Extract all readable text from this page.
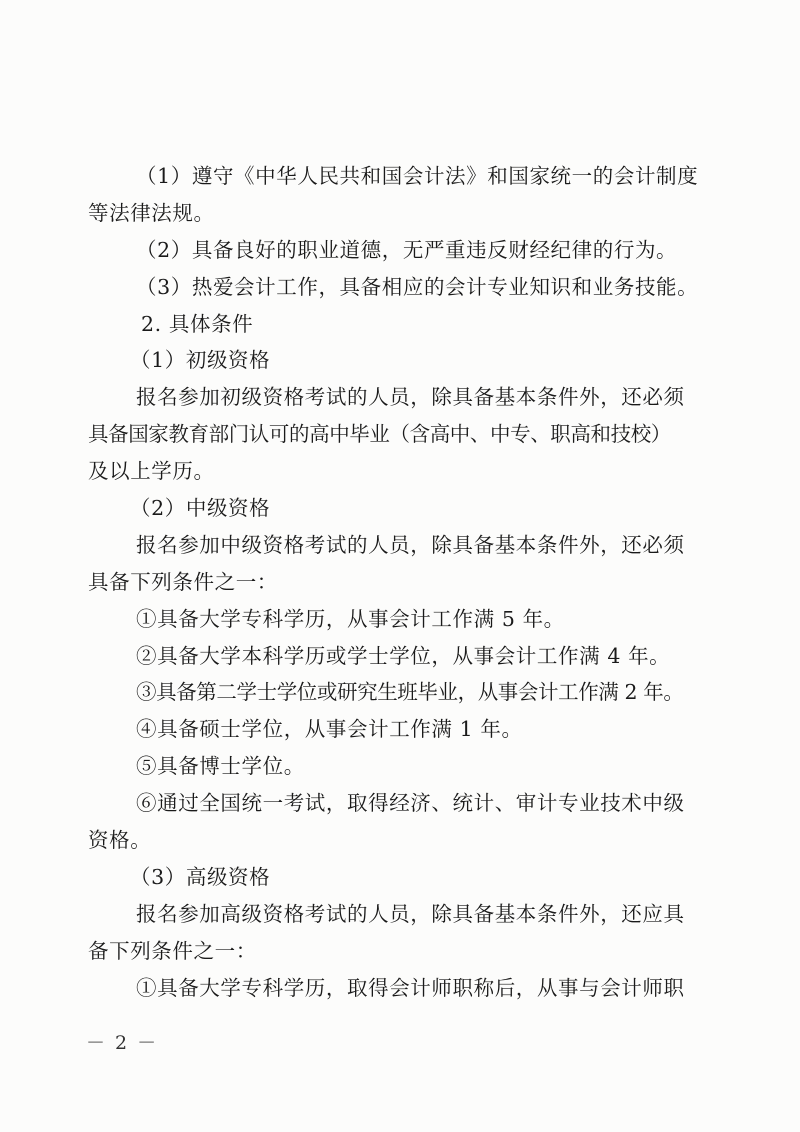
（1）遵守《中华人民共和国会计法》和国家统一的会计制度
等法律法规。
（2）具备良好的职业道德，无严重违反财经纪律的行为。
（3）热爱会计工作，具备相应的会计专业知识和业务技能。
2. 具体条件
（1）初级资格
报名参加初级资格考试的人员，除具备基本条件外，还必须
具备国家教育部门认可的高中毕业（含高中、中专、职高和技校）
及以上学历。
（2）中级资格
报名参加中级资格考试的人员，除具备基本条件外，还必须
具备下列条件之一：
①具备大学专科学历，从事会计工作满 5 年。
②具备大学本科学历或学士学位，从事会计工作满 4 年。
③具备第二学士学位或研究生班毕业，从事会计工作满 2 年。
④具备硕士学位，从事会计工作满 1 年。
⑤具备博士学位。
⑥通过全国统一考试，取得经济、统计、审计专业技术中级
资格。
（3）高级资格
报名参加高级资格考试的人员，除具备基本条件外，还应具
备下列条件之一：
①具备大学专科学历，取得会计师职称后，从事与会计师职
－ 2 －
